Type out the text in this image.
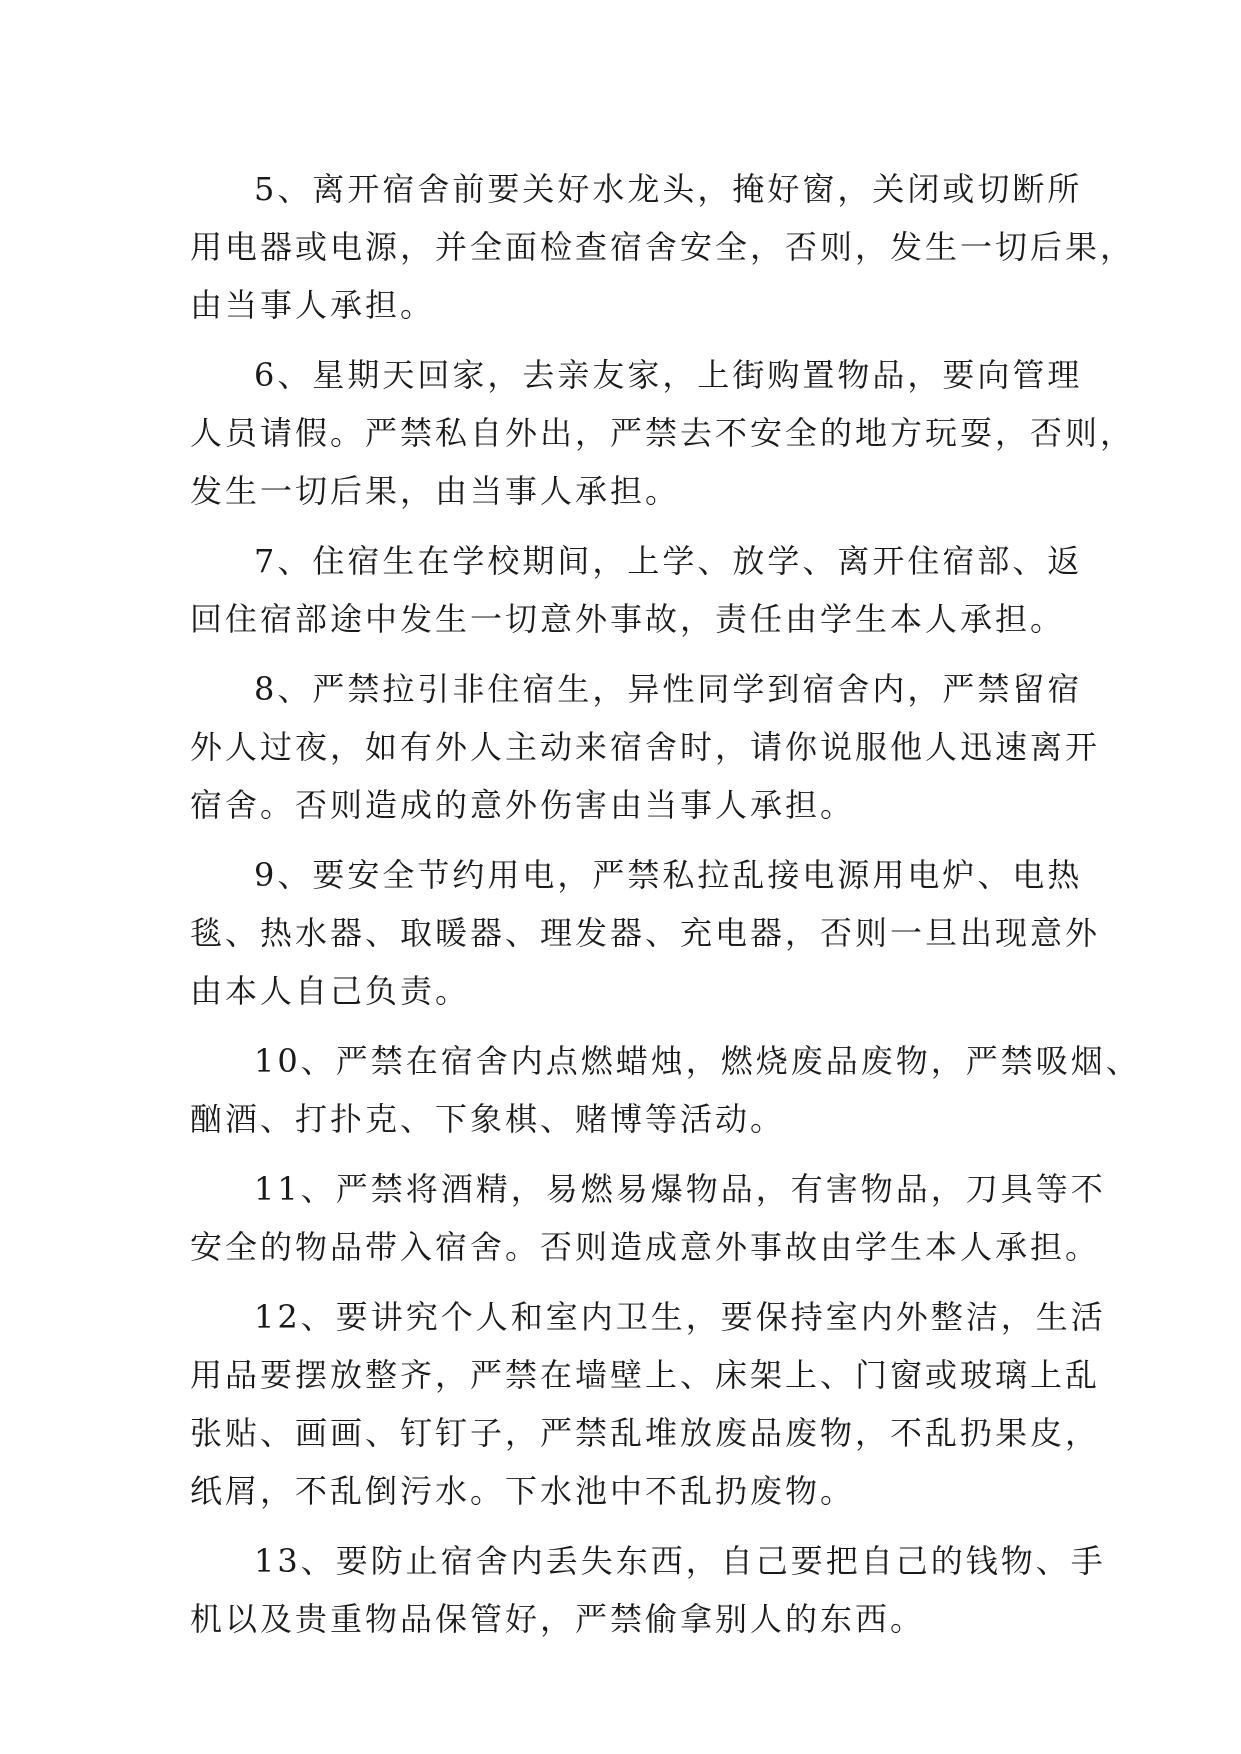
5、离开宿舍前要关好水龙头，掩好窗，关闭或切断所
用电器或电源，并全面检查宿舍安全，否则，发生一切后果，
由当事人承担。
6、星期天回家，去亲友家，上街购置物品，要向管理
人员请假。严禁私自外出，严禁去不安全的地方玩耍，否则，
发生一切后果，由当事人承担。
7、住宿生在学校期间，上学、放学、离开住宿部、返
回住宿部途中发生一切意外事故，责任由学生本人承担。
8、严禁拉引非住宿生，异性同学到宿舍内，严禁留宿
外人过夜，如有外人主动来宿舍时，请你说服他人迅速离开
宿舍。否则造成的意外伤害由当事人承担。
9、要安全节约用电，严禁私拉乱接电源用电炉、电热
毯、热水器、取暖器、理发器、充电器，否则一旦出现意外
由本人自己负责。
10、严禁在宿舍内点燃蜡烛，燃烧废品废物，严禁吸烟、
酗酒、打扑克、下象棋、赌博等活动。
11、严禁将酒精，易燃易爆物品，有害物品，刀具等不
安全的物品带入宿舍。否则造成意外事故由学生本人承担。
12、要讲究个人和室内卫生，要保持室内外整洁，生活
用品要摆放整齐，严禁在墙壁上、床架上、门窗或玻璃上乱
张贴、画画、钉钉子，严禁乱堆放废品废物，不乱扔果皮，
纸屑，不乱倒污水。下水池中不乱扔废物。
13、要防止宿舍内丢失东西，自己要把自己的钱物、手
机以及贵重物品保管好，严禁偷拿别人的东西。
